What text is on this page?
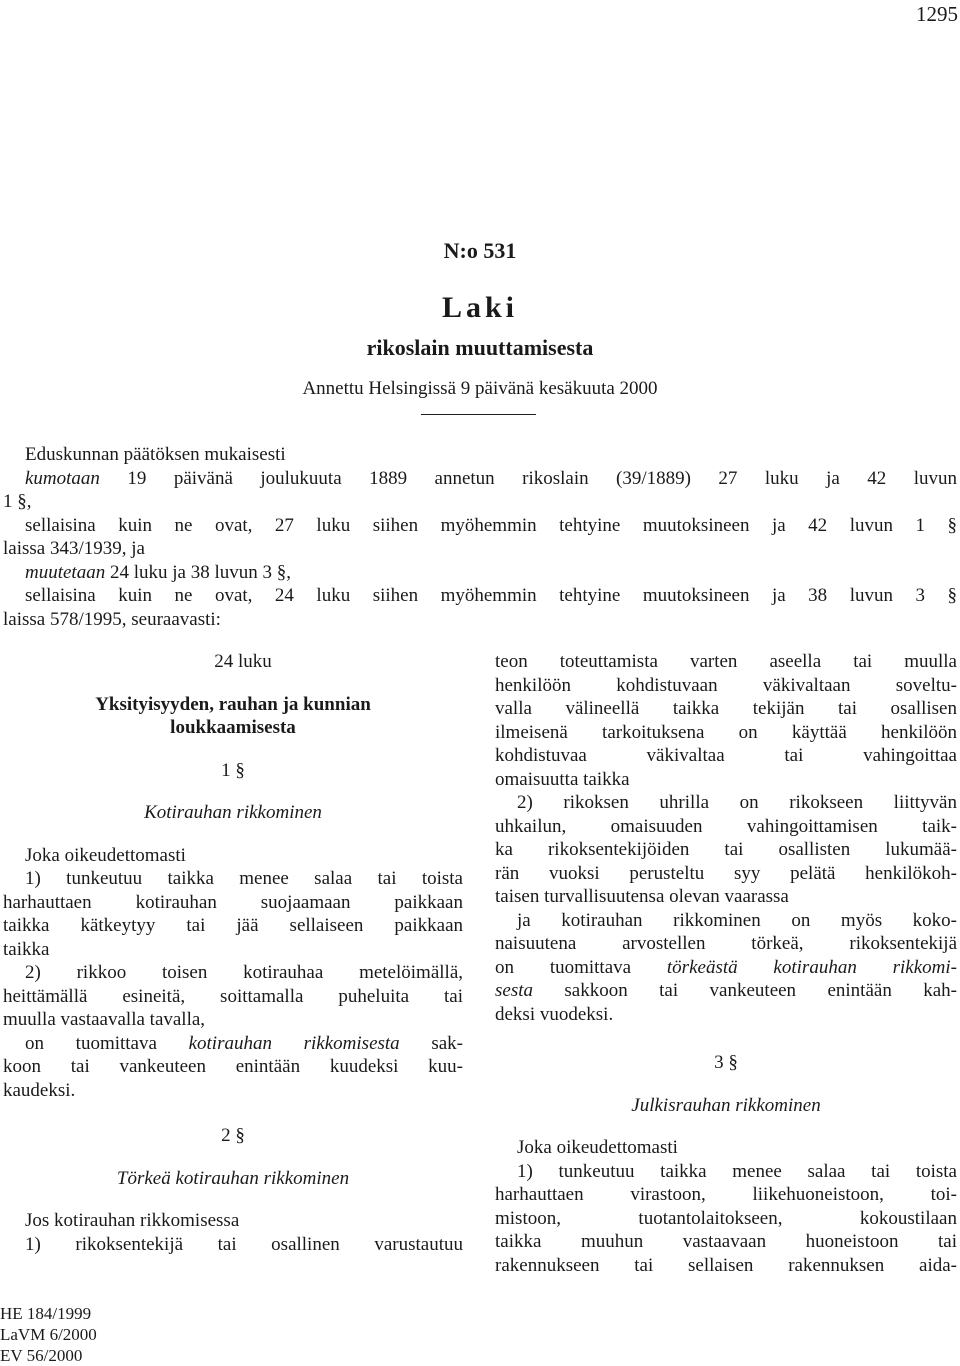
1295
N:o 531
Laki
rikoslain muuttamisesta
Annettu Helsingissä 9 päivänä kesäkuuta 2000

Eduskunnan päätöksen mukaisesti

kumotaan 19 päivänä joulukuuta 1889 annetun rikoslain (39/1889) 27 luku ja 42 luvun

1 §,

sellaisina kuin ne ovat, 27 luku siihen myöhemmin tehtyine muutoksineen ja 42 luvun 1 §

laissa 343/1939, ja

muutetaan 24 luku ja 38 luvun 3 §,

sellaisina kuin ne ovat, 24 luku siihen myöhemmin tehtyine muutoksineen ja 38 luvun 3 §

laissa 578/1995, seuraavasti:

24 luku

Yksityisyyden, rauhan ja kunnian
loukkaamisesta

1 §

Kotirauhan rikkominen

Joka oikeudettomasti

1) tunkeutuu taikka menee salaa tai toista

harhauttaen kotirauhan suojaamaan paikkaan

taikka kätkeytyy tai jää sellaiseen paikkaan

taikka

2) rikkoo toisen kotirauhaa metelöimällä,

heittämällä esineitä, soittamalla puheluita tai

muulla vastaavalla tavalla,

on tuomittava kotirauhan rikkomisesta sak-

koon tai vankeuteen enintään kuudeksi kuu-

kaudeksi.

2 §

Törkeä kotirauhan rikkominen

Jos kotirauhan rikkomisessa

1) rikoksentekijä tai osallinen varustautuu

teon toteuttamista varten aseella tai muulla

henkilöön kohdistuvaan väkivaltaan soveltu-

valla välineellä taikka tekijän tai osallisen

ilmeisenä tarkoituksena on käyttää henkilöön

kohdistuvaa väkivaltaa tai vahingoittaa

omaisuutta taikka

2) rikoksen uhrilla on rikokseen liittyvän

uhkailun, omaisuuden vahingoittamisen taik-

ka rikoksentekijöiden tai osallisten lukumää-

rän vuoksi perusteltu syy pelätä henkilökoh-

taisen turvallisuutensa olevan vaarassa

ja kotirauhan rikkominen on myös koko-

naisuutena arvostellen törkeä, rikoksentekijä

on tuomittava törkeästä kotirauhan rikkomi-

sesta sakkoon tai vankeuteen enintään kah-

deksi vuodeksi.

3 §

Julkisrauhan rikkominen

Joka oikeudettomasti

1) tunkeutuu taikka menee salaa tai toista

harhauttaen virastoon, liikehuoneistoon, toi-

mistoon, tuotantolaitokseen, kokoustilaan

taikka muuhun vastaavaan huoneistoon tai

rakennukseen tai sellaisen rakennuksen aida-

HE 184/1999
LaVM 6/2000
EV 56/2000
